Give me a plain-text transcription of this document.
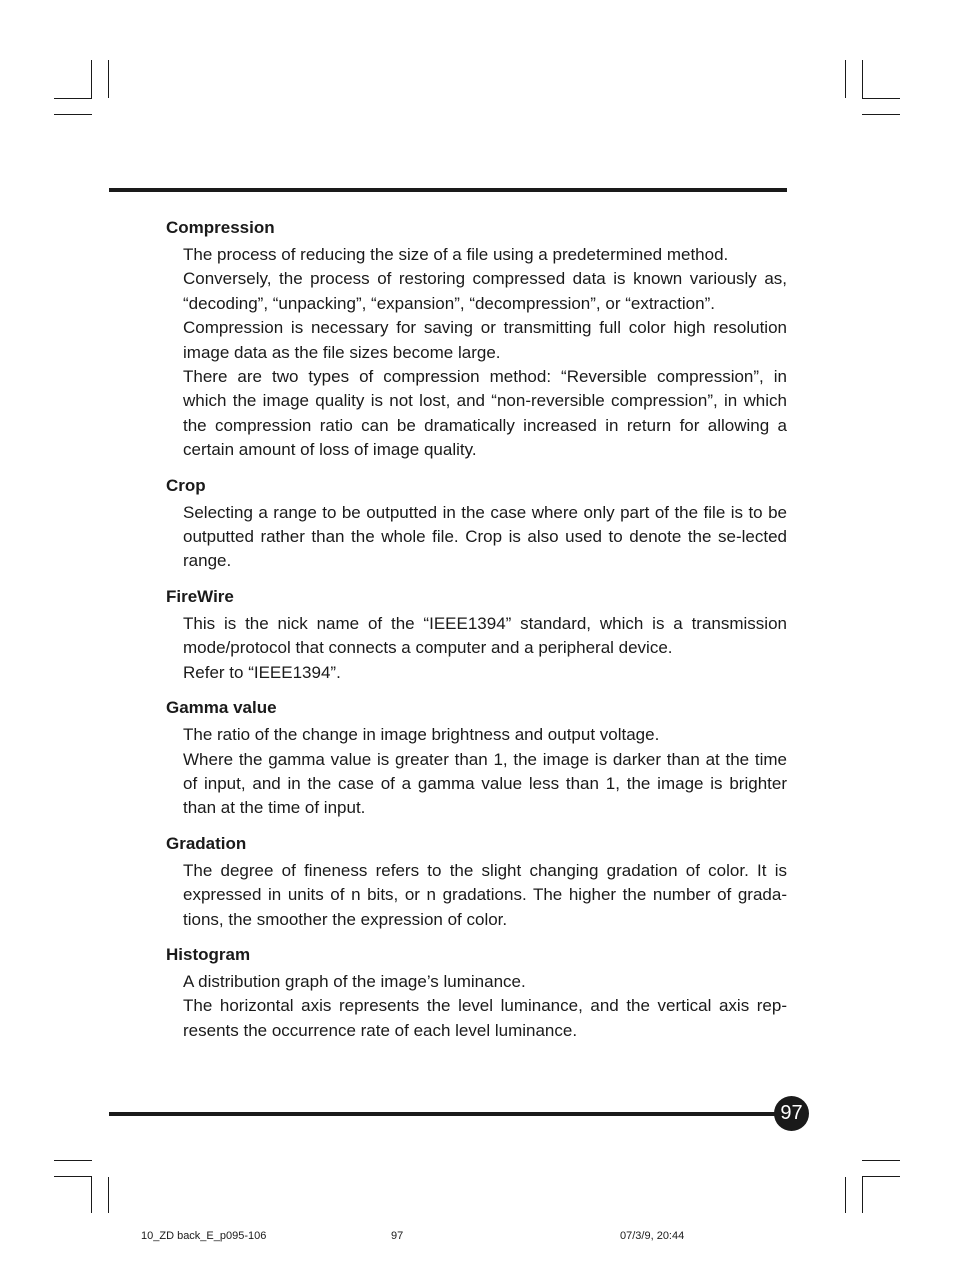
Compression

The process of reducing the size of a file using a predetermined method.

Conversely, the process of restoring compressed data is known variously as, “decoding”, “unpacking”, “expansion”, “decompression”, or “extraction”.

Compression is necessary for saving or transmitting full color high resolution image data as the file sizes become large.

There are two types of compression method: “Reversible compression”, in which the image quality is not lost, and “non-reversible compression”, in which the compression ratio can be dramatically increased in return for allowing a certain amount of loss of image quality.

Crop

Selecting a range to be outputted in the case where only part of the file is to be outputted rather than the whole file. Crop is also used to denote the se-lected range.

FireWire

This is the nick name of the “IEEE1394” standard, which is a transmission mode/protocol that connects a computer and a peripheral device.

Refer to “IEEE1394”.

Gamma value

The ratio of the change in image brightness and output voltage.

Where the gamma value is greater than 1, the image is darker than at the time of input, and in the case of a gamma value less than 1, the image is brighter than at the time of input.

Gradation

The degree of fineness refers to the slight changing gradation of color. It is expressed in units of n bits, or n gradations. The higher the number of grada-tions, the smoother the expression of color.

Histogram

A distribution graph of the image’s luminance.

The horizontal axis represents the level luminance, and the vertical axis rep-resents the occurrence rate of each level luminance.

97
10_ZD back_E_p095-106	97	07/3/9, 20:44
